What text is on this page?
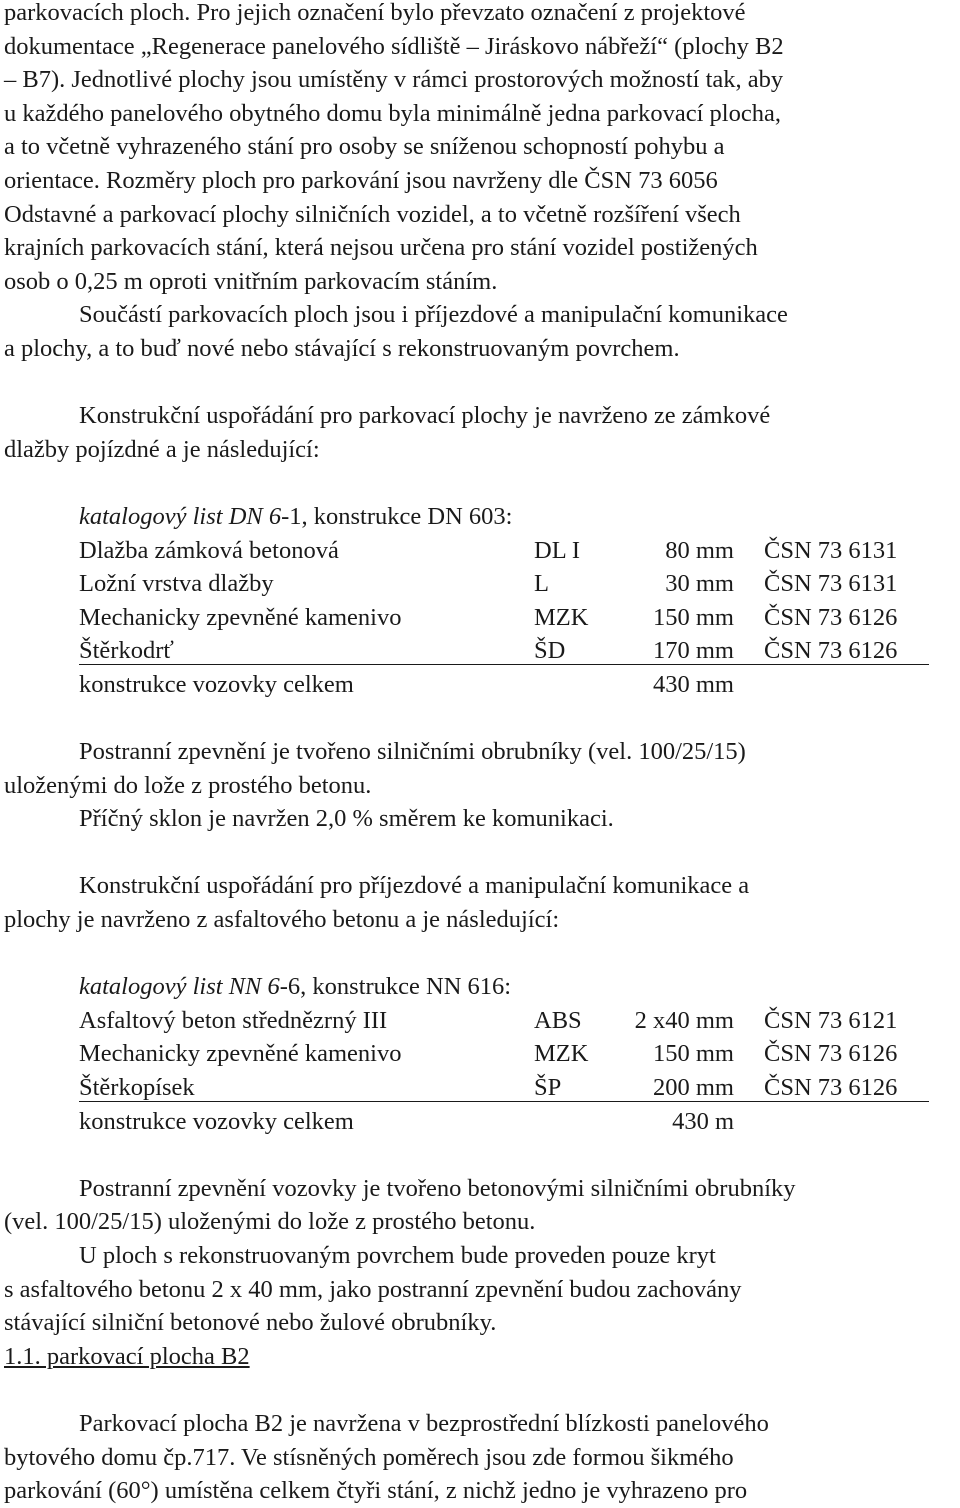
parkovacích ploch. Pro jejich označení bylo převzato označení z projektové

dokumentace „Regenerace panelového sídliště – Jiráskovo nábřeží“ (plochy B2

– B7). Jednotlivé plochy jsou umístěny v rámci prostorových možností tak, aby

u každého panelového obytného domu byla minimálně jedna parkovací plocha,

a to včetně vyhrazeného stání pro osoby se sníženou schopností pohybu a

orientace. Rozměry ploch pro parkování jsou navrženy dle ČSN 73 6056

Odstavné a parkovací plochy silničních vozidel, a to včetně rozšíření všech

krajních parkovacích stání, která nejsou určena pro stání vozidel postižených

osob o 0,25 m oproti vnitřním parkovacím stáním.

Součástí parkovacích ploch jsou i příjezdové a manipulační komunikace

a plochy, a to buď nové nebo stávající s rekonstruovaným povrchem.

Konstrukční uspořádání pro parkovací plochy je navrženo ze zámkové

dlažby pojízdné a je následující:

katalogový list DN 6-1, konstrukce DN 603:
Dlažba zámková betonová	DL I	80 mm ČSN 73 6131
Ložní vrstva dlažby	L	30 mm ČSN 73 6131
Mechanicky zpevněné kamenivo	MZK	150 mm ČSN 73 6126
Štěrkodrť	ŠD	170 mm ČSN 73 6126
konstrukce vozovky celkem	430 mm

Postranní zpevnění je tvořeno silničními obrubníky (vel. 100/25/15)

uloženými do lože z prostého betonu.

Příčný sklon je navržen 2,0 % směrem ke komunikaci.

Konstrukční uspořádání pro příjezdové a manipulační komunikace a

plochy je navrženo z asfaltového betonu a je následující:

katalogový list NN 6-6, konstrukce NN 616:
Asfaltový beton střednězrný III	ABS	2 x40 mm ČSN 73 6121
Mechanicky zpevněné kamenivo	MZK	150 mm ČSN 73 6126
Štěrkopísek	ŠP	200 mm ČSN 73 6126
konstrukce vozovky celkem	430 m

Postranní zpevnění vozovky je tvořeno betonovými silničními obrubníky

(vel. 100/25/15) uloženými do lože z prostého betonu.

U ploch s rekonstruovaným povrchem bude proveden pouze kryt

s asfaltového betonu 2 x 40 mm, jako postranní zpevnění budou zachovány

stávající silniční betonové nebo žulové obrubníky.

1.1. parkovací plocha B2

Parkovací plocha B2 je navržena v bezprostřední blízkosti panelového

bytového domu čp.717. Ve stísněných poměrech jsou zde formou šikmého

parkování (60°) umístěna celkem čtyři stání, z nichž jedno je vyhrazeno pro
